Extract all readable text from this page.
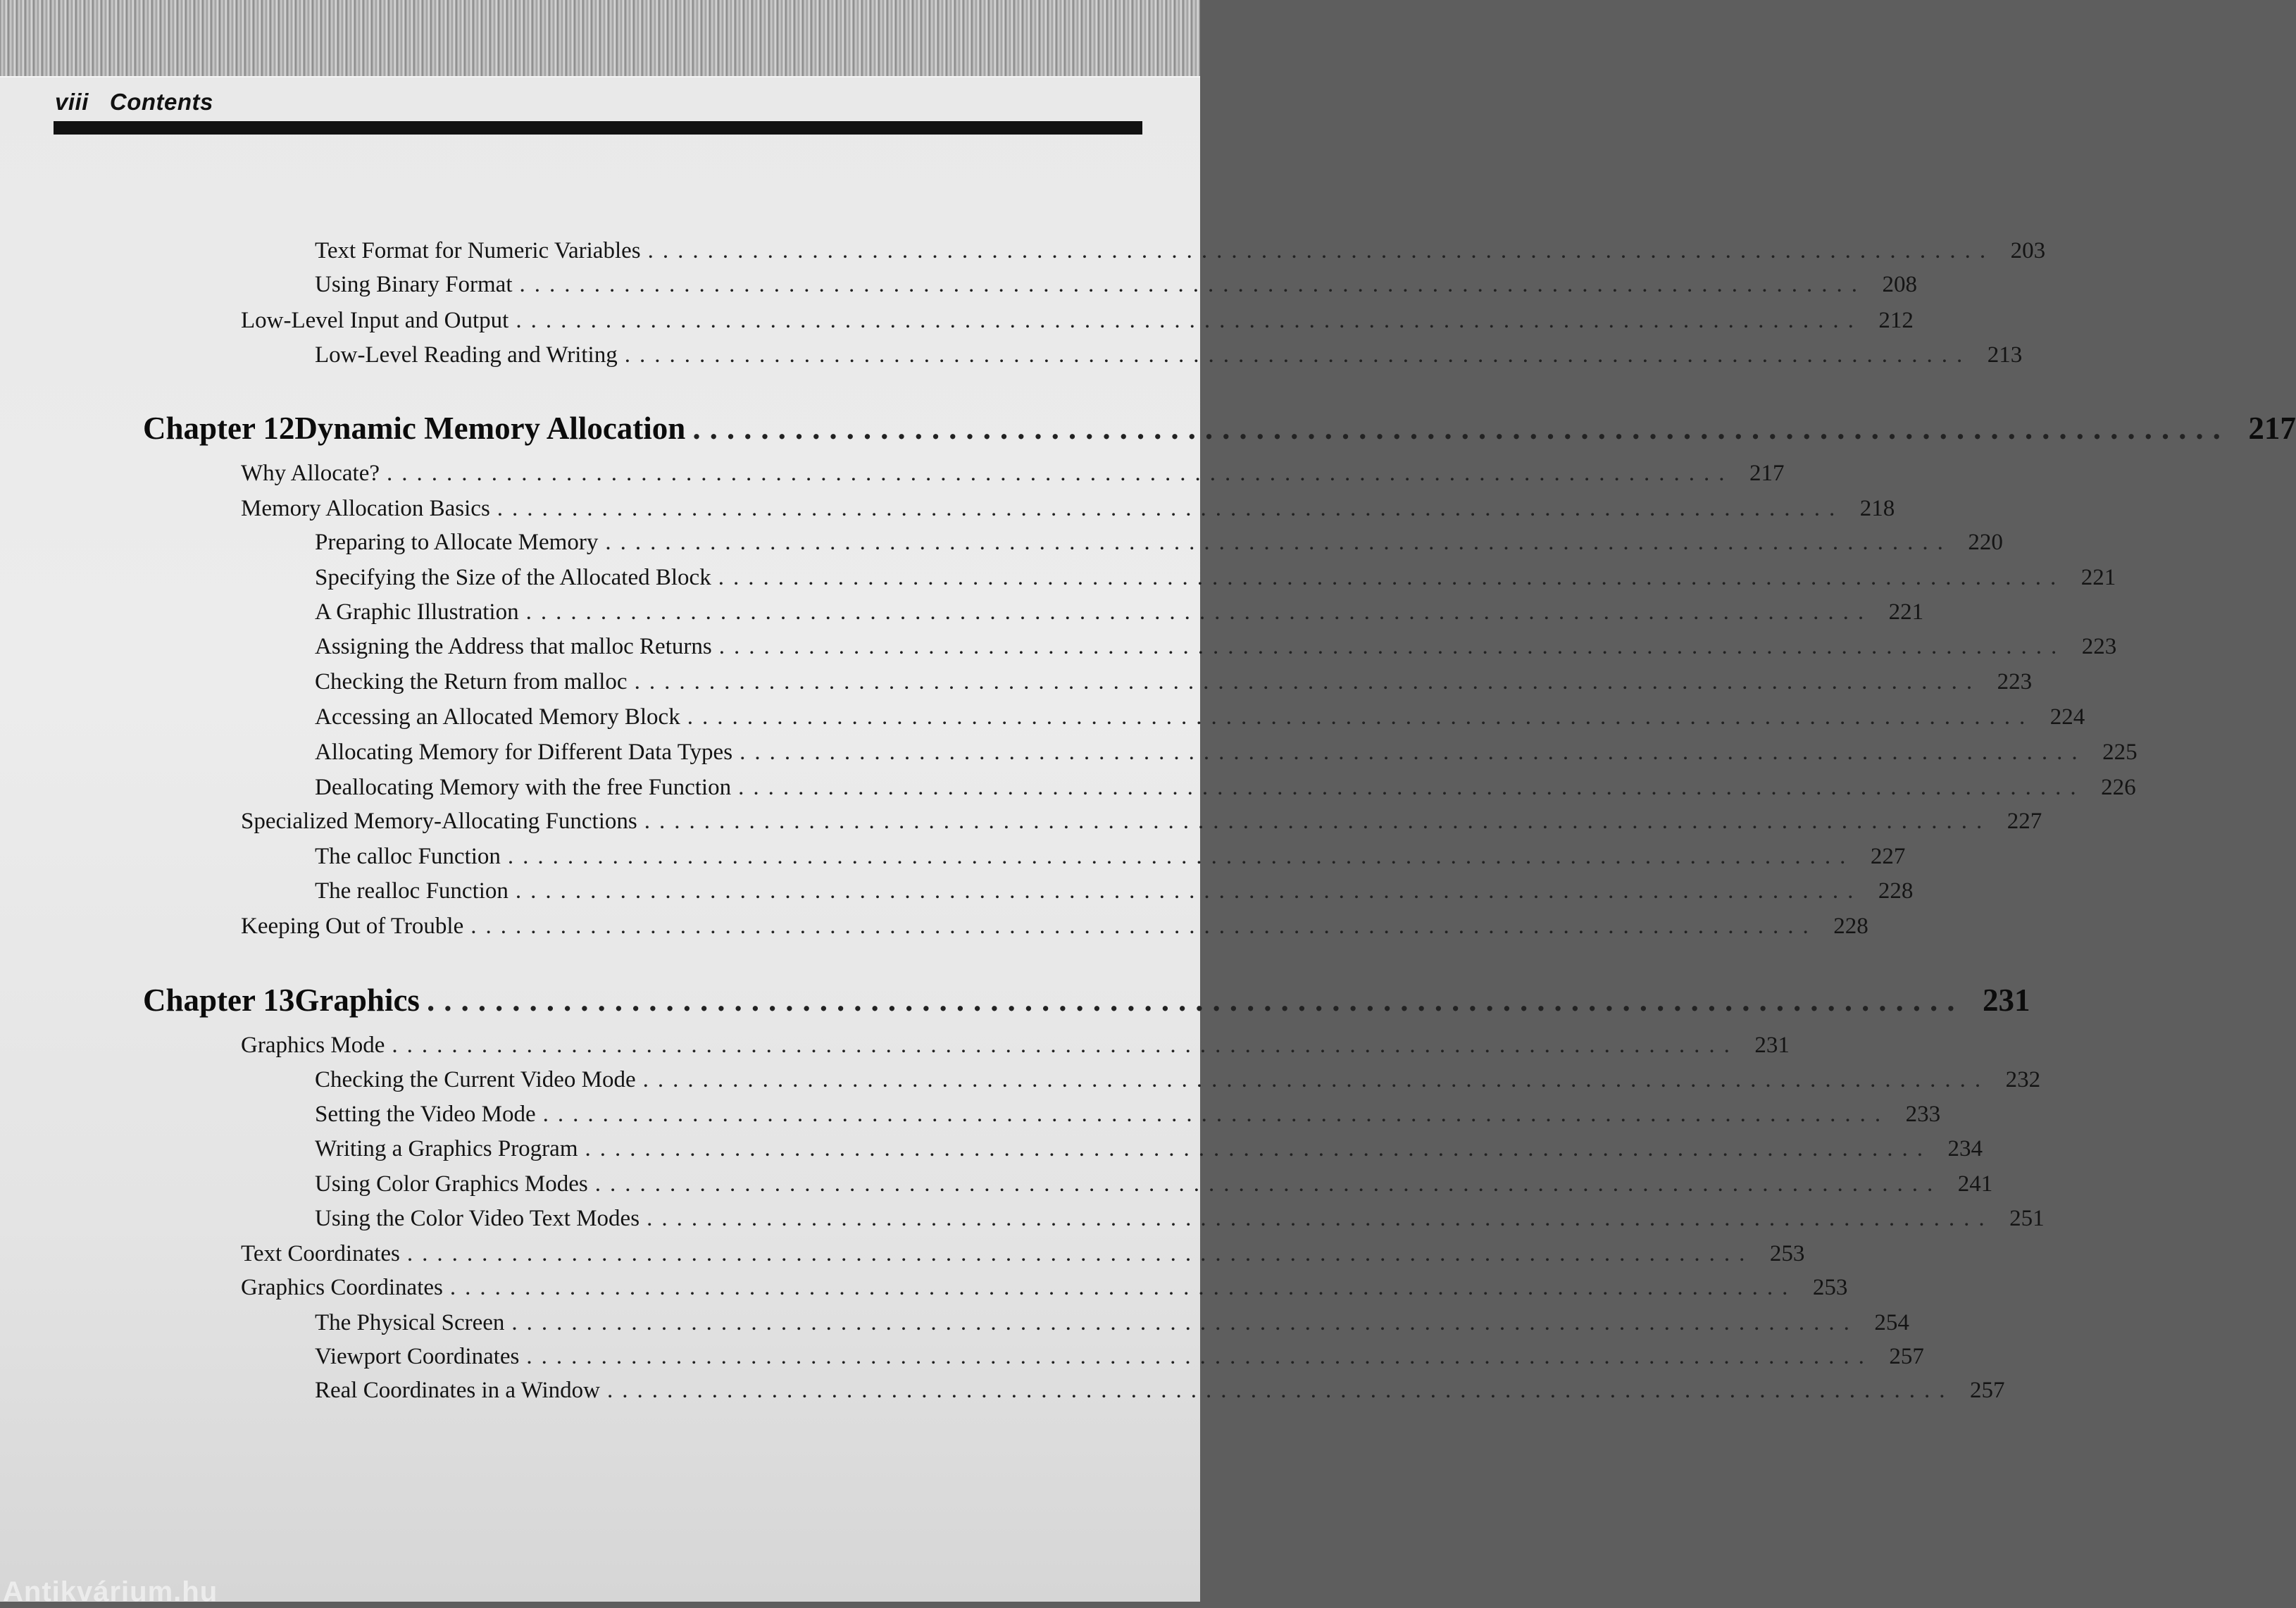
viii Contents
Text Format for Numeric Variables .......................................................................................... 203
Using Binary Format .......................................................................................... 208
Low-Level Input and Output .......................................................................................... 212
Low-Level Reading and Writing .......................................................................................... 213
Chapter 12 Dynamic Memory Allocation .......................................................................................... 217
Why Allocate? .......................................................................................... 217
Memory Allocation Basics .......................................................................................... 218
Preparing to Allocate Memory .......................................................................................... 220
Specifying the Size of the Allocated Block .......................................................................................... 221
A Graphic Illustration .......................................................................................... 221
Assigning the Address that malloc Returns .......................................................................................... 223
Checking the Return from malloc .......................................................................................... 223
Accessing an Allocated Memory Block .......................................................................................... 224
Allocating Memory for Different Data Types .......................................................................................... 225
Deallocating Memory with the free Function .......................................................................................... 226
Specialized Memory-Allocating Functions .......................................................................................... 227
The calloc Function .......................................................................................... 227
The realloc Function .......................................................................................... 228
Keeping Out of Trouble .......................................................................................... 228
Chapter 13 Graphics .......................................................................................... 231
Graphics Mode .......................................................................................... 231
Checking the Current Video Mode .......................................................................................... 232
Setting the Video Mode .......................................................................................... 233
Writing a Graphics Program .......................................................................................... 234
Using Color Graphics Modes .......................................................................................... 241
Using the Color Video Text Modes .......................................................................................... 251
Text Coordinates .......................................................................................... 253
Graphics Coordinates .......................................................................................... 253
The Physical Screen .......................................................................................... 254
Viewport Coordinates .......................................................................................... 257
Real Coordinates in a Window .......................................................................................... 257
Antikvárium.hu
